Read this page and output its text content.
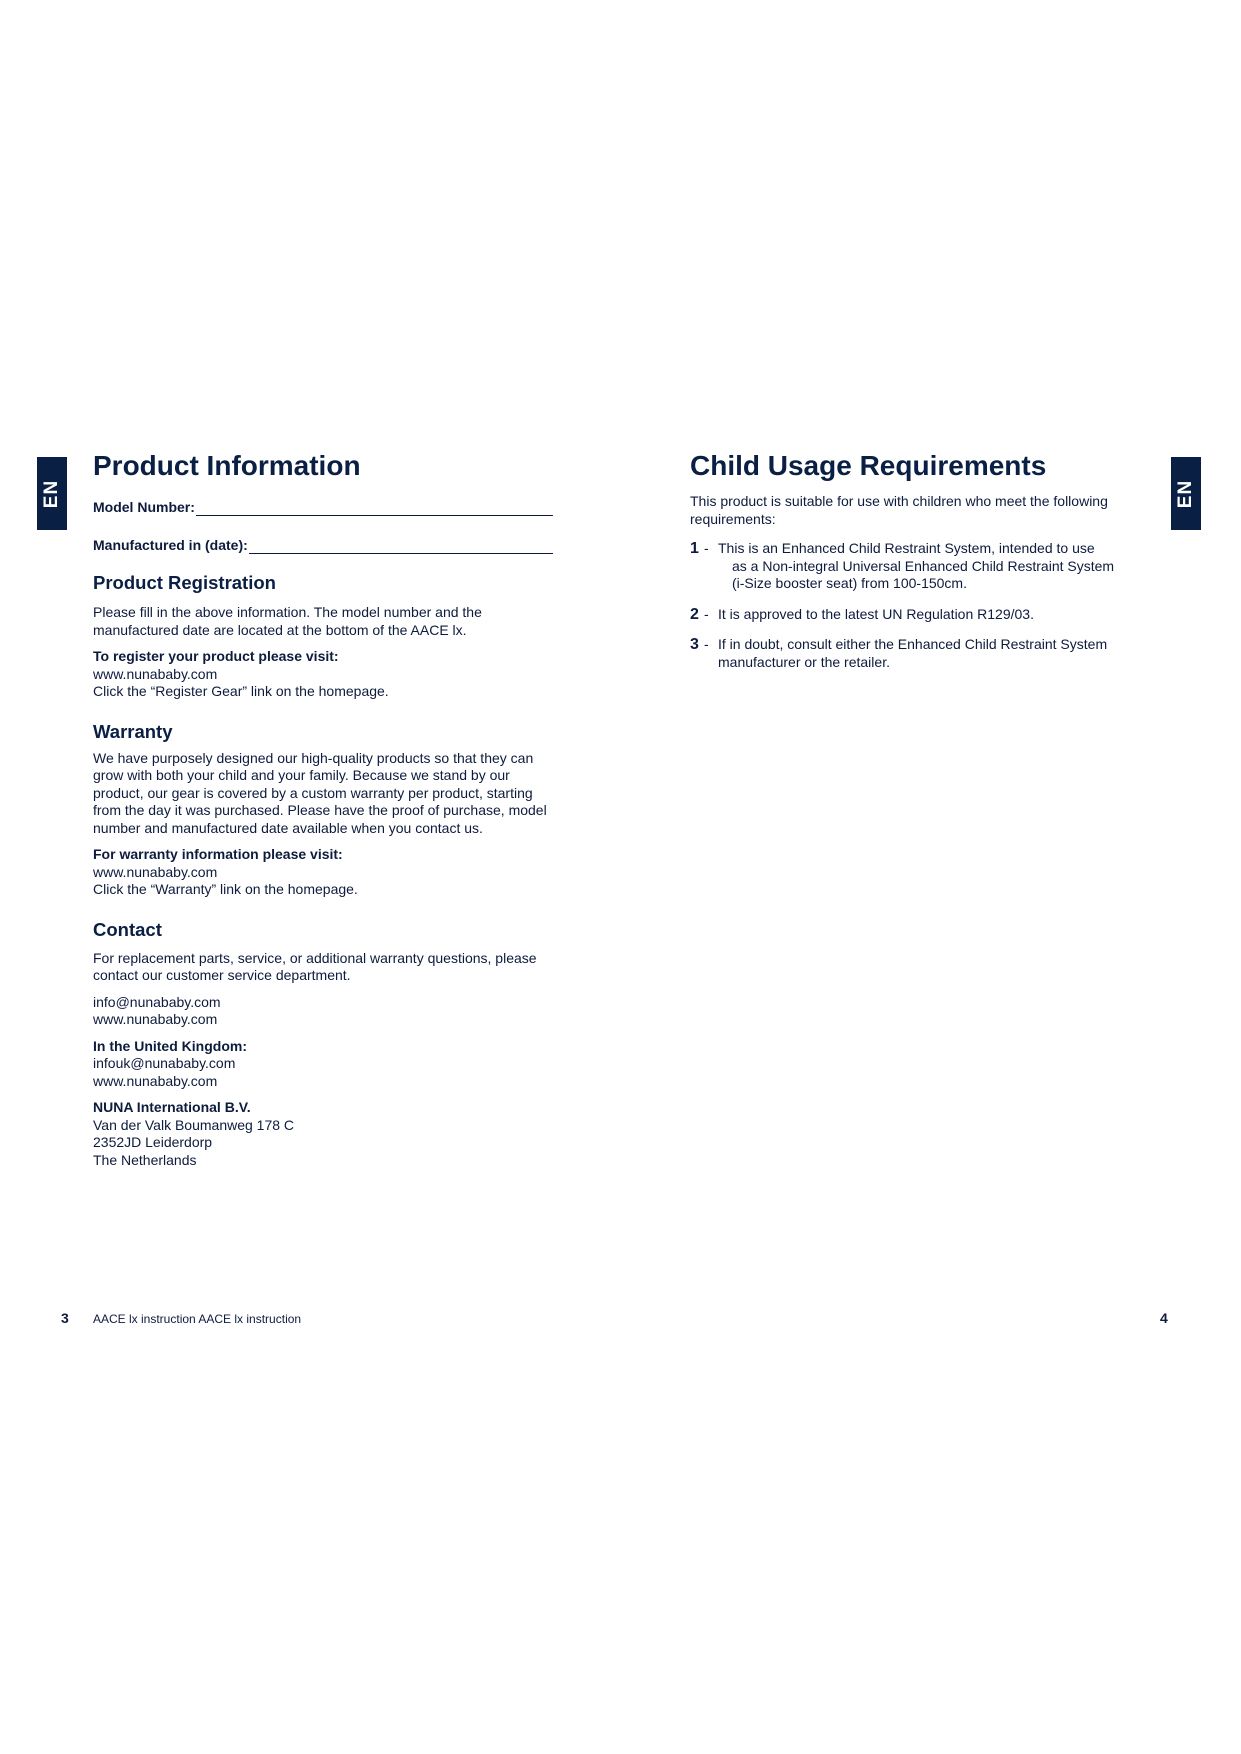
EN	EN
Product Information
Model Number:
Manufactured in (date):
Product Registration

Please fill in the above information. The model number and the manufactured date are located at the bottom of the AACE lx.

To register your product please visit:

www.nunababy.com

Click the “Register Gear” link on the homepage.

Warranty

We have purposely designed our high-quality products so that they can grow with both your child and your family. Because we stand by our product, our gear is covered by a custom warranty per product, starting from the day it was purchased. Please have the proof of purchase, model number and manufactured date available when you contact us.

For warranty information please visit:

www.nunababy.com

Click the “Warranty” link on the homepage.

Contact

For replacement parts, service, or additional warranty questions, please contact our customer service department.

info@nunababy.com

www.nunababy.com

In the United Kingdom:

infouk@nunababy.com

www.nunababy.com

NUNA International B.V.

Van der Valk Boumanweg 178 C

2352JD Leiderdorp

The Netherlands

Child Usage Requirements

This product is suitable for use with children who meet the following requirements:

1 - This is an Enhanced Child Restraint System, intended to use
as a Non-integral Universal Enhanced Child Restraint System
(i-Size booster seat) from 100-150cm.
2 - It is approved to the latest UN Regulation R129/03.
3 - If in doubt, consult either the Enhanced Child Restraint System
manufacturer or the retailer.
3 AACE lx instruction AACE lx instruction	4
